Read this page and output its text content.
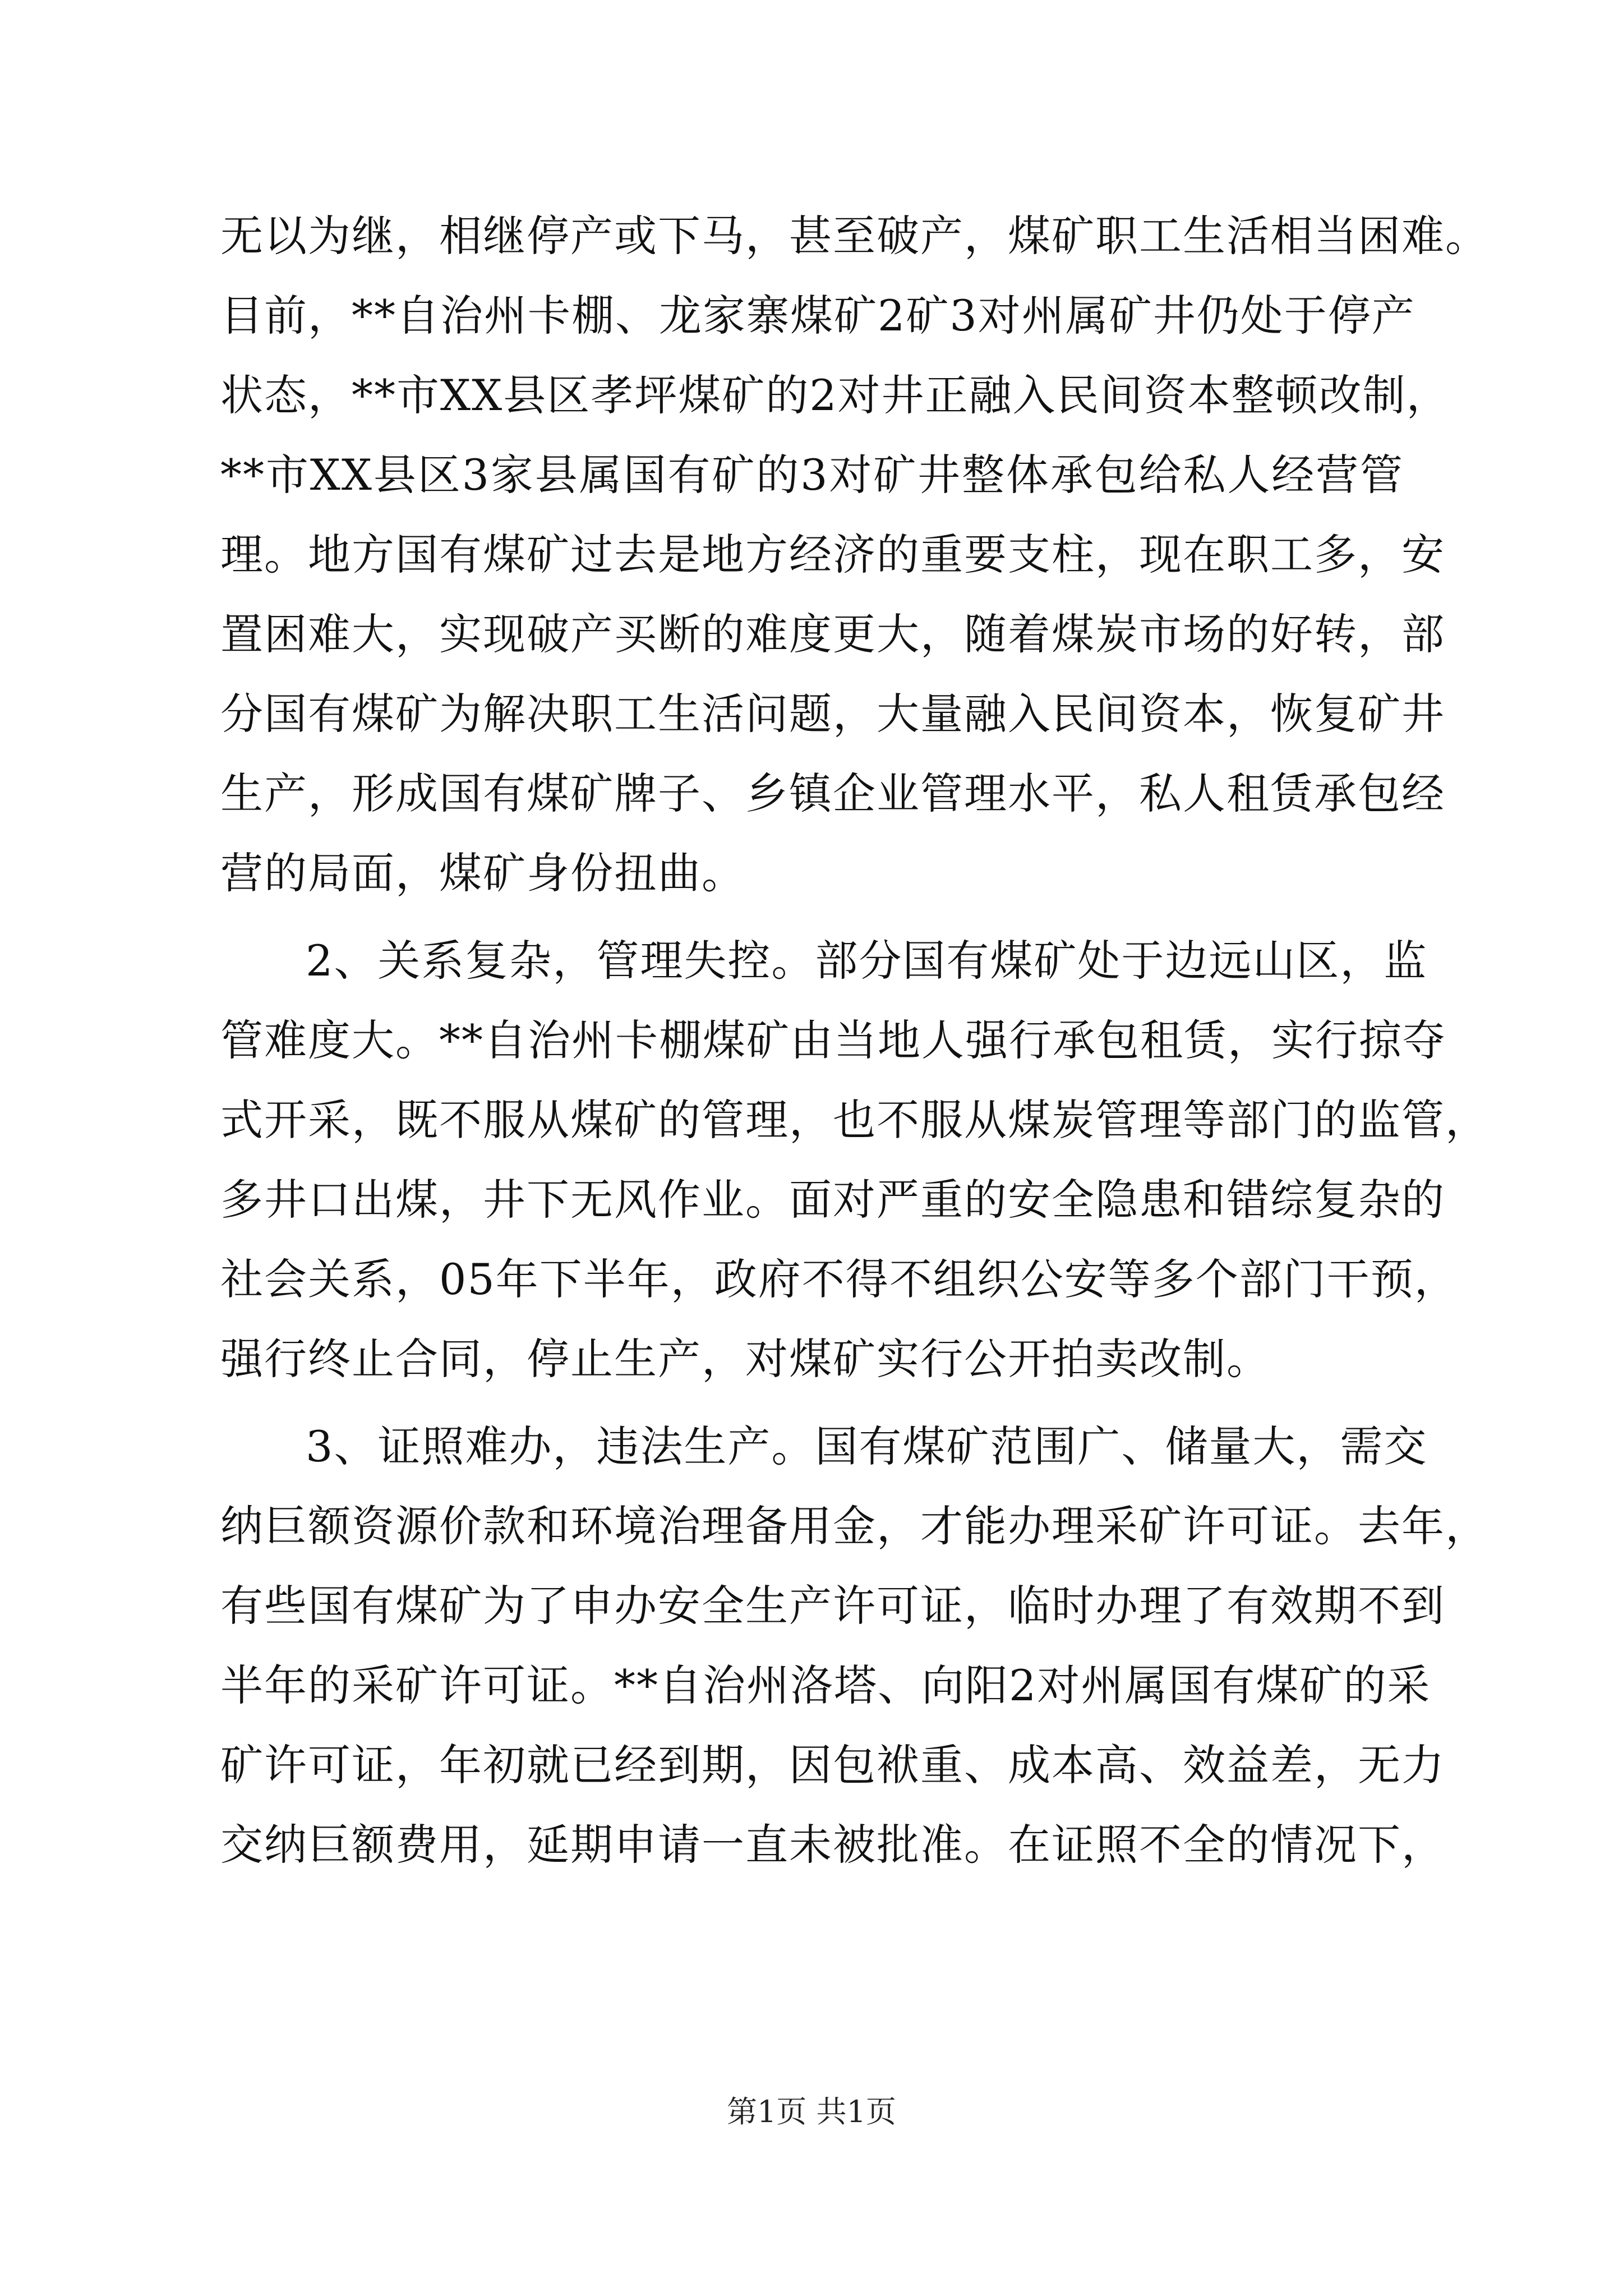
无以为继，相继停产或下马，甚至破产，煤矿职工生活相当困难。
目前，**自治州卡棚、龙家寨煤矿2矿3对州属矿井仍处于停产
状态，**市XX县区孝坪煤矿的2对井正融入民间资本整顿改制，
**市XX县区3家县属国有矿的3对矿井整体承包给私人经营管
理。地方国有煤矿过去是地方经济的重要支柱，现在职工多，安
置困难大，实现破产买断的难度更大，随着煤炭市场的好转，部
分国有煤矿为解决职工生活问题，大量融入民间资本，恢复矿井
生产，形成国有煤矿牌子、乡镇企业管理水平，私人租赁承包经
营的局面，煤矿身份扭曲。
2、关系复杂，管理失控。部分国有煤矿处于边远山区，监
管难度大。**自治州卡棚煤矿由当地人强行承包租赁，实行掠夺
式开采，既不服从煤矿的管理，也不服从煤炭管理等部门的监管，
多井口出煤，井下无风作业。面对严重的安全隐患和错综复杂的
社会关系，05年下半年，政府不得不组织公安等多个部门干预，
强行终止合同，停止生产，对煤矿实行公开拍卖改制。
3、证照难办，违法生产。国有煤矿范围广、储量大，需交
纳巨额资源价款和环境治理备用金，才能办理采矿许可证。去年，
有些国有煤矿为了申办安全生产许可证，临时办理了有效期不到
半年的采矿许可证。**自治州洛塔、向阳2对州属国有煤矿的采
矿许可证，年初就已经到期，因包袱重、成本高、效益差，无力
交纳巨额费用，延期申请一直未被批准。在证照不全的情况下，
第1页 共1页
